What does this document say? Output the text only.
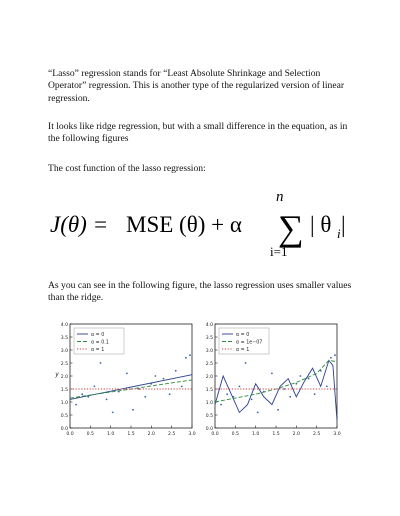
“Lasso” regression stands for “Least Absolute Shrinkage and Selection Operator” regression. This is another type of the regularized version of linear regression.

It looks like ridge regression, but with a small difference in the equation, as in the following figures

The cost function of the lasso regression:

J(θ) = MSE (θ) + α
n
∑
i=1
| θ i |

As you can see in the following figure, the lasso regression uses smaller values than the ridge.

0.0
0.5
1.0
1.5
2.0
2.5
3.0
3.5
4.0
0.0	0.5	1.0	1.5	2.0	2.5	3.0
y
α = 0
α = 0.1
α = 1
0.0
0.5
1.0
1.5
2.0
2.5
3.0
3.5
4.0
0.0	0.5	1.0	1.5	2.0	2.5	3.0
α = 0
α = 1e−07
α = 1
